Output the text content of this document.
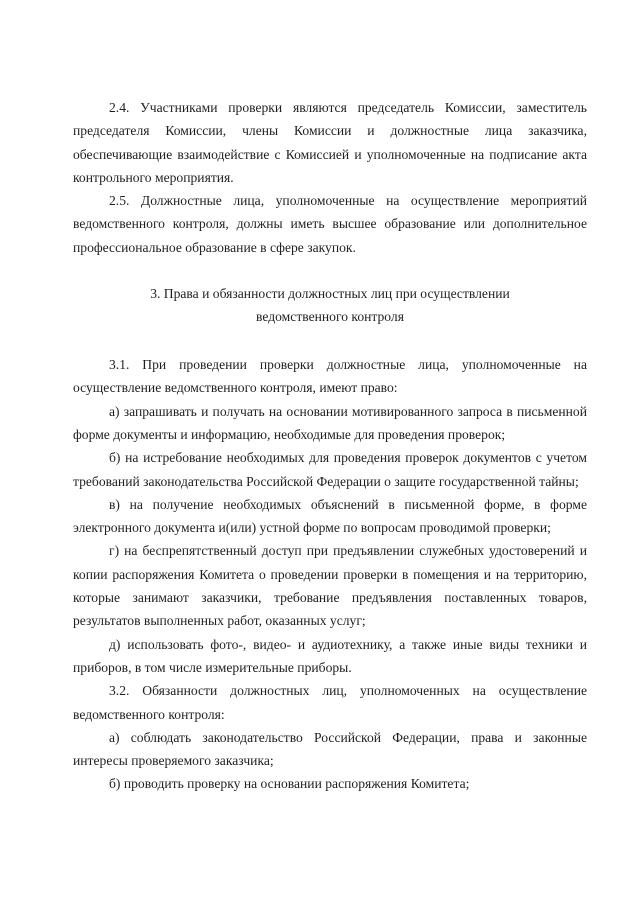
2.4. Участниками проверки являются председатель Комиссии, заместитель председателя Комиссии, члены Комиссии и должностные лица заказчика, обеспечивающие взаимодействие с Комиссией и уполномоченные на подписание акта контрольного мероприятия.

2.5. Должностные лица, уполномоченные на осуществление мероприятий ведомственного контроля, должны иметь высшее образование или дополнительное профессиональное образование в сфере закупок.

3. Права и обязанности должностных лиц при осуществлении
ведомственного контроля

3.1. При проведении проверки должностные лица, уполномоченные на осуществление ведомственного контроля, имеют право:

а) запрашивать и получать на основании мотивированного запроса в письменной форме документы и информацию, необходимые для проведения проверок;

б) на истребование необходимых для проведения проверок документов с учетом требований законодательства Российской Федерации о защите государственной тайны;

в) на получение необходимых объяснений в письменной форме, в форме электронного документа и(или) устной форме по вопросам проводимой проверки;

г) на беспрепятственный доступ при предъявлении служебных удостоверений и копии распоряжения Комитета о проведении проверки в помещения и на территорию, которые занимают заказчики, требование предъявления поставленных товаров, результатов выполненных работ, оказанных услуг;

д) использовать фото-, видео- и аудиотехнику, а также иные виды техники и приборов, в том числе измерительные приборы.

3.2. Обязанности должностных лиц, уполномоченных на осуществление ведомственного контроля:

а) соблюдать законодательство Российской Федерации, права и законные интересы проверяемого заказчика;

б) проводить проверку на основании распоряжения Комитета;
